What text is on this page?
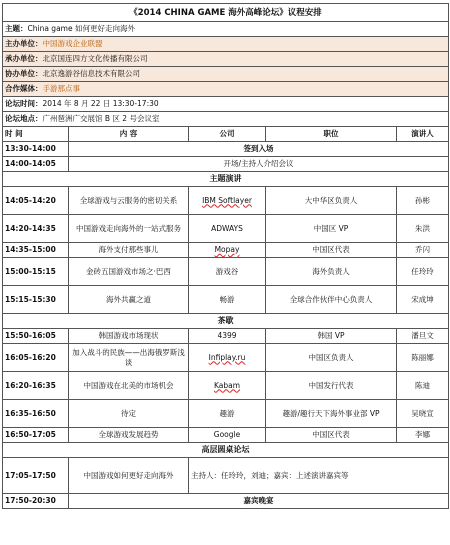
《2014 CHINA GAME 海外高峰论坛》议程安排				
主题：China game 如何更好走向海外				
主办单位：中国游戏企业联盟				
承办单位：北京国连四方文化传播有限公司				
协办单位：北京逸游谷信息技术有限公司				
合作媒体：手游那点事				
论坛时间：2014 年 8 月 22 日 13:30-17:30				
论坛地点：广州琶洲广交展馆 B 区 2 号会议室				
时 间	内 容	公司	职位	演讲人
13:30-14:00	签到入场			
14:00-14:05	开场/主持人介绍会议			
主题演讲				
14:05-14:20	全球游戏与云服务的密切关系	IBM Softlayer	大中华区负责人	孙彬
14:20-14:35	中国游戏走向海外的一站式服务	ADWAYS	中国区 VP	朱洪
14:35-15:00	海外支付那些事儿	Mopay	中国区代表	乔闪
15:00-15:15	金砖五国游戏市场之·巴西	游戏谷	海外负责人	任玲玲
15:15-15:30	海外共赢之道	畅游	全球合作伙伴中心负责人	宋成坤
茶歇				
15:50-16:05	韩国游戏市场现状	4399	韩国 VP	潘旦文
16:05-16:20	加入战斗的民族——出海俄罗斯浅谈	Infiplay.ru	中国区负责人	陈丽娜
16:20-16:35	中国游戏在北美的市场机会	Kabam	中国发行代表	陈迪
16:35-16:50	待定	趣游	趣游/趣行天下海外事业部 VP	吴晓宣
16:50-17:05	全球游戏发展趋势	Google	中国区代表	李娜
高层圆桌论坛				
17:05-17:50	中国游戏如何更好走向海外	主持人：任玲玲，刘迪；嘉宾：上述演讲嘉宾等		
17:50-20:30	嘉宾晚宴			
